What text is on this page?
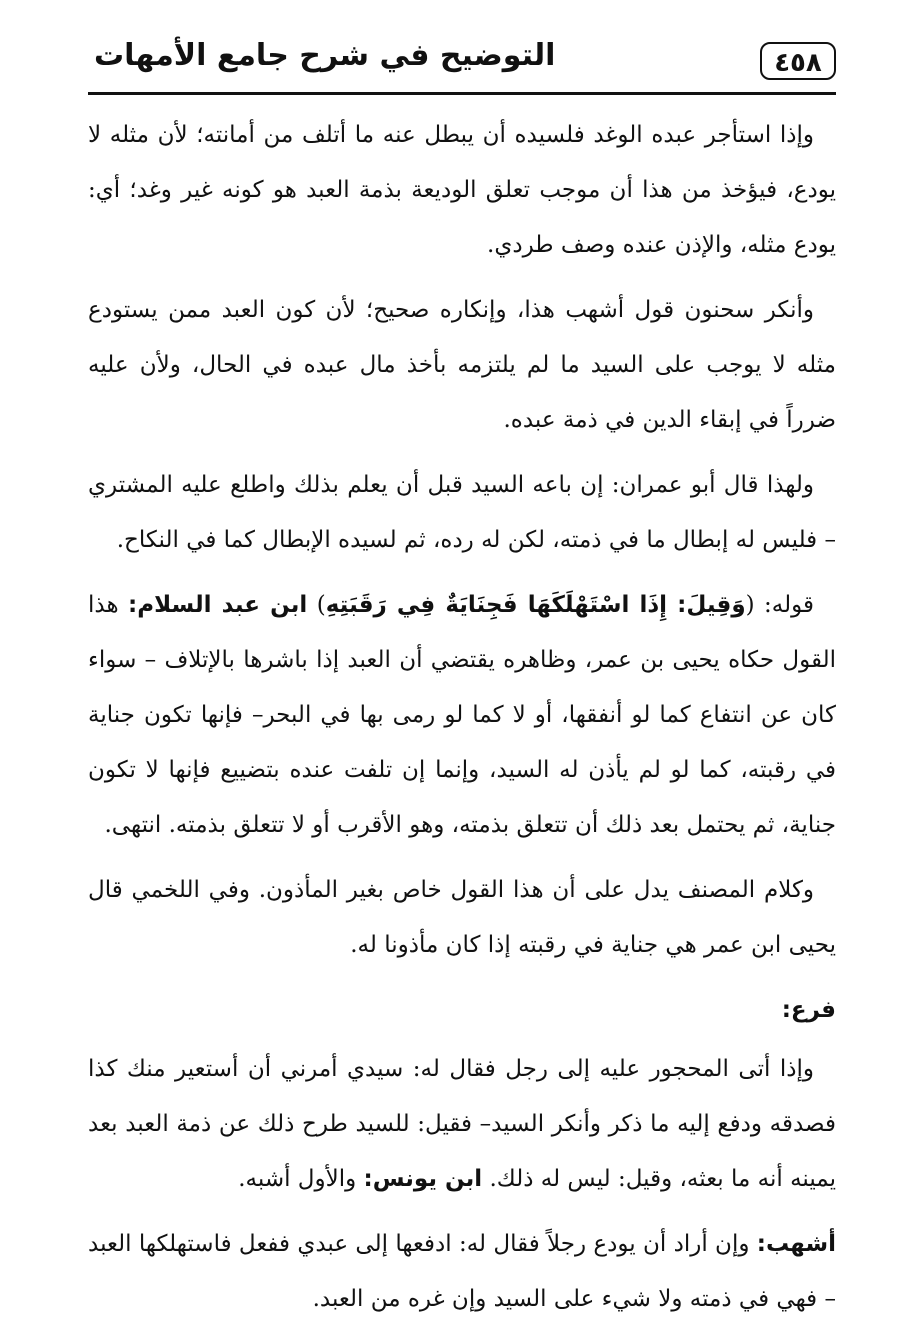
٤٥٨
التوضيح في شرح جامع الأمهات

وإذا استأجر عبده الوغد فلسيده أن يبطل عنه ما أتلف من أمانته؛ لأن مثله لا يودع، فيؤخذ من هذا أن موجب تعلق الوديعة بذمة العبد هو كونه غير وغد؛ أي: يودع مثله، والإذن عنده وصف طردي.

وأنكر سحنون قول أشهب هذا، وإنكاره صحيح؛ لأن كون العبد ممن يستودع مثله لا يوجب على السيد ما لم يلتزمه بأخذ مال عبده في الحال، ولأن عليه ضرراً في إبقاء الدين في ذمة عبده.

ولهذا قال أبو عمران: إن باعه السيد قبل أن يعلم بذلك واطلع عليه المشتري – فليس له إبطال ما في ذمته، لكن له رده، ثم لسيده الإبطال كما في النكاح.

قوله: (وَقِيلَ: إِذَا اسْتَهْلَكَهَا فَجِنَايَةٌ فِي رَقَبَتِهِ) ابن عبد السلام: هذا القول حكاه يحيى بن عمر، وظاهره يقتضي أن العبد إذا باشرها بالإتلاف – سواء كان عن انتفاع كما لو أنفقها، أو لا كما لو رمى بها في البحر– فإنها تكون جناية في رقبته، كما لو لم يأذن له السيد، وإنما إن تلفت عنده بتضييع فإنها لا تكون جناية، ثم يحتمل بعد ذلك أن تتعلق بذمته، وهو الأقرب أو لا تتعلق بذمته. انتهى.

وكلام المصنف يدل على أن هذا القول خاص بغير المأذون. وفي اللخمي قال يحيى ابن عمر هي جناية في رقبته إذا كان مأذونا له.

فرع:

وإذا أتى المحجور عليه إلى رجل فقال له: سيدي أمرني أن أستعير منك كذا فصدقه ودفع إليه ما ذكر وأنكر السيد– فقيل: للسيد طرح ذلك عن ذمة العبد بعد يمينه أنه ما بعثه، وقيل: ليس له ذلك. ابن يونس: والأول أشبه.

أشهب: وإن أراد أن يودع رجلاً فقال له: ادفعها إلى عبدي ففعل فاستهلكها العبد – فهي في ذمته ولا شيء على السيد وإن غره من العبد.
